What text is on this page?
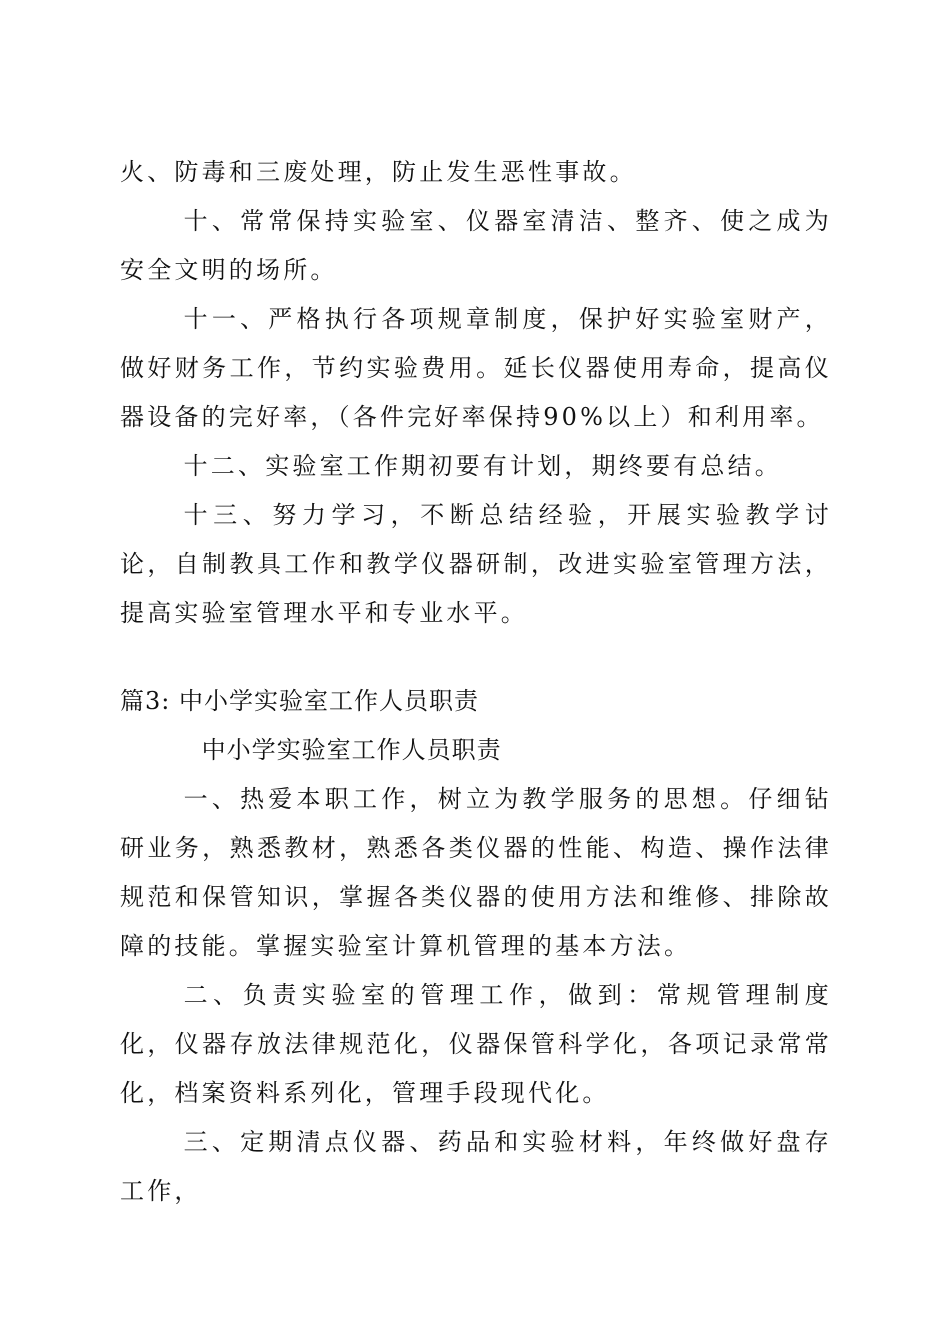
火、防毒和三废处理，防止发生恶性事故。

十、常常保持实验室、仪器室清洁、整齐、使之成为安全文明的场所。

十一、严格执行各项规章制度，保护好实验室财产，做好财务工作，节约实验费用。延长仪器使用寿命，提高仪器设备的完好率，（各件完好率保持90%以上）和利用率。

十二、实验室工作期初要有计划，期终要有总结。

十三、努力学习，不断总结经验，开展实验教学讨论，自制教具工作和教学仪器研制，改进实验室管理方法，提高实验室管理水平和专业水平。

篇3: 中小学实验室工作人员职责

中小学实验室工作人员职责

一、热爱本职工作，树立为教学服务的思想。仔细钻研业务，熟悉教材，熟悉各类仪器的性能、构造、操作法律规范和保管知识，掌握各类仪器的使用方法和维修、排除故障的技能。掌握实验室计算机管理的基本方法。

二、负责实验室的管理工作，做到：常规管理制度化，仪器存放法律规范化，仪器保管科学化，各项记录常常化，档案资料系列化，管理手段现代化。

三、定期清点仪器、药品和实验材料，年终做好盘存工作，
